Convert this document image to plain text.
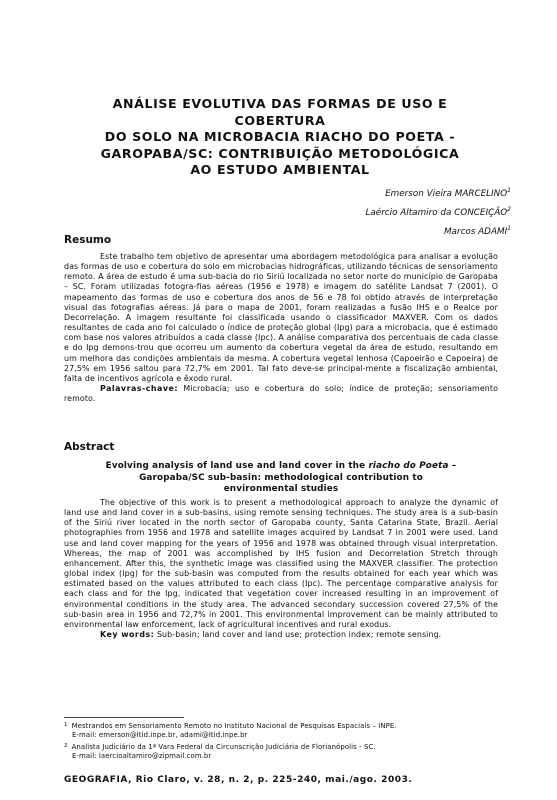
ANÁLISE EVOLUTIVA DAS FORMAS DE USO E COBERTURA
DO SOLO NA MICROBACIA RIACHO DO POETA -
GAROPABA/SC: CONTRIBUIÇÃO METODOLÓGICA
AO ESTUDO AMBIENTAL
Emerson Vieira MARCELINO$^1$
Laércio Altamiro da CONCEIÇÃO$^2$
Marcos ADAMI$^1$
Resumo

Este trabalho tem objetivo de apresentar uma abordagem metodológica para analisar a evolução das formas de uso e cobertura do solo em microbacias hidrográficas, utilizando técnicas de sensoriamento remoto. A área de estudo é uma sub-bacia do rio Siriú localizada no setor norte do município de Garopaba – SC. Foram utilizadas fotogra-fias aéreas (1956 e 1978) e imagem do satélite Landsat 7 (2001). O mapeamento das formas de uso e cobertura dos anos de 56 e 78 foi obtido através de interpretação visual das fotografias aéreas. Já para o mapa de 2001, foram realizadas a fusão IHS e o Realce por Decorrelação. A imagem resultante foi classificada usando o classificador MAXVER. Com os dados resultantes de cada ano foi calculado o índice de proteção global (Ipg) para a microbacia, que é estimado com base nos valores atribuídos a cada classe (Ipc). A análise comparativa dos percentuais de cada classe e do Ipg demons-trou que ocorreu um aumento da cobertura vegetal da área de estudo, resultando em um melhora das condições ambientais da mesma. A cobertura vegetal lenhosa (Capoeirão e Capoeira) de 27,5% em 1956 saltou para 72,7% em 2001. Tal fato deve-se principal-mente a fiscalização ambiental, falta de incentivos agrícola e êxodo rural.

Palavras-chave: Microbacia; uso e cobertura do solo; índice de proteção; sensoriamento remoto.

Abstract
Evolving analysis of land use and land cover in the riacho do Poeta –
Garopaba/SC sub-basin: methodological contribution to
environmental studies

The objective of this work is to present a methodological approach to analyze the dynamic of land use and land cover in a sub-basins, using remote sensing techniques. The study area is a sub-basin of the Siriú river located in the north sector of Garopaba county, Santa Catarina State, Brazil. Aerial photographies from 1956 and 1978 and satellite images acquired by Landsat 7 in 2001 were used. Land use and land cover mapping for the years of 1956 and 1978 was obtained through visual interpretation. Whereas, the map of 2001 was accomplished by IHS fusion and Decorrelation Stretch through enhancement. After this, the synthetic image was classified using the MAXVER classifier. The protection global index (Ipg) for the sub-basin was computed from the results obtained for each year which was estimated based on the values attributed to each class (Ipc). The percentage comparative analysis for each class and for the Ipg, indicated that vegetation cover increased resulting in an improvement of environmental conditions in the study area. The advanced secondary succession covered 27,5% of the sub-basin area in 1956 and 72,7% in 2001. This environmental improvement can be mainly attributed to environmental law enforcement, lack of agricultural incentives and rural exodus.

Key words: Sub-basin; land cover and land use; protection index; remote sensing.

$^1$ Mestrandos em Sensoriamento Remoto no Instituto Nacional de Pesquisas Espaciais – INPE.
E-mail: emerson@ltid.inpe.br, adami@ltid.inpe.br
$^2$ Analista Judiciário da 1ª Vara Federal da Circunscrição Judiciária de Florianópolis - SC.
E-mail: laercioaltamiro@zipmail.com.br
GEOGRAFIA, Rio Claro, v. 28, n. 2, p. 225-240, mai./ago. 2003.
